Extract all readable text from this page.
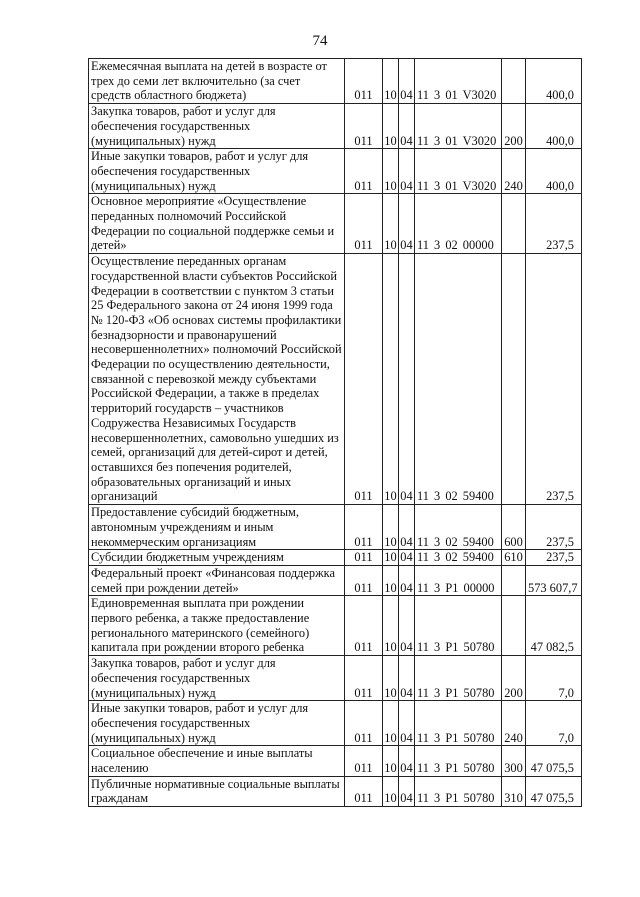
74
Ежемесячная выплата на детей в возрасте от трех до семи лет включительно (за счет средств областного бюджета)	011	10	04	11 3 01 V3020		400,0
Закупка товаров, работ и услуг для обеспечения государственных (муниципальных) нужд	011	10	04	11 3 01 V3020	200	400,0
Иные закупки товаров, работ и услуг для обеспечения государственных (муниципальных) нужд	011	10	04	11 3 01 V3020	240	400,0
Основное мероприятие «Осуществление переданных полномочий Российской Федерации по социальной поддержке семьи и детей»	011	10	04	11 3 02 00000		237,5
Осуществление переданных органам государственной власти субъектов Российской Федерации в соответствии с пунктом 3 статьи 25 Федерального закона от 24 июня 1999 года № 120-ФЗ «Об основах системы профилактики безнадзорности и правонарушений несовершеннолетних» полномочий Российской Федерации по осуществлению деятельности, связанной с перевозкой между субъектами Российской Федерации, а также в пределах территорий государств – участников Содружества Независимых Государств несовершеннолетних, самовольно ушедших из семей, организаций для детей-сирот и детей, оставшихся без попечения родителей, образовательных организаций и иных организаций	011	10	04	11 3 02 59400		237,5
Предоставление субсидий бюджетным, автономным учреждениям и иным некоммерческим организациям	011	10	04	11 3 02 59400	600	237,5
Субсидии бюджетным учреждениям	011	10	04	11 3 02 59400	610	237,5
Федеральный проект «Финансовая поддержка семей при рождении детей»	011	10	04	11 3 P1 00000		573 607,7
Единовременная выплата при рождении первого ребенка, а также предоставление регионального материнского (семейного) капитала при рождении второго ребенка	011	10	04	11 3 P1 50780		47 082,5
Закупка товаров, работ и услуг для обеспечения государственных (муниципальных) нужд	011	10	04	11 3 P1 50780	200	7,0
Иные закупки товаров, работ и услуг для обеспечения государственных (муниципальных) нужд	011	10	04	11 3 P1 50780	240	7,0
Социальное обеспечение и иные выплаты населению	011	10	04	11 3 P1 50780	300	47 075,5
Публичные нормативные социальные выплаты гражданам	011	10	04	11 3 P1 50780	310	47 075,5
